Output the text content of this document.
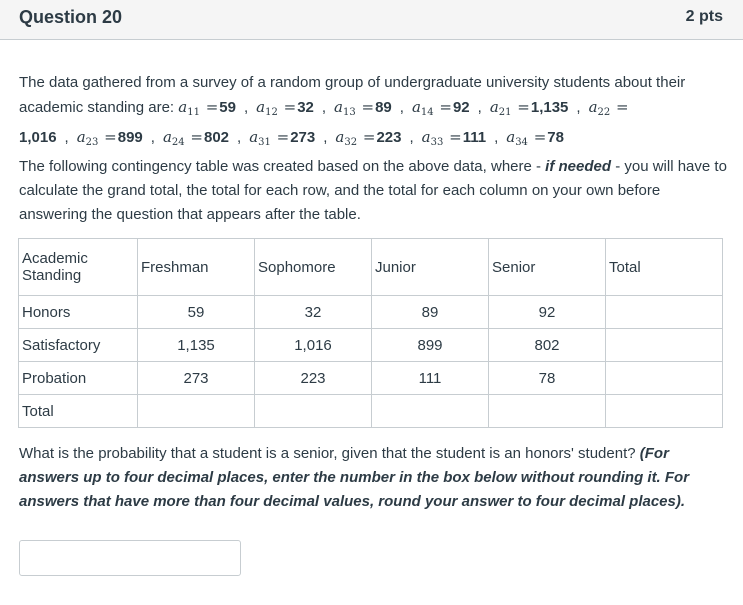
Question 20	2 pts
The data gathered from a survey of a random group of undergraduate university students about their
academic standing are: $a_{11} =59$ , $a_{12} =32$ , $a_{13} =89$ , $a_{14} =92$ , $a_{21} =1,135$ , $a_{22}$ =
1,016 , $a_{23} =899$ , $a_{24} =802$ , $a_{31} =273$ , $a_{32} =223$ , $a_{33} =111$ , $a_{34} =78$
The following contingency table was created based on the above data, where - if needed - you will have to calculate the grand total, the total for each row, and the total for each column on your own before answering the question that appears after the table.
Academic Standing	Freshman	Sophomore	Junior	Senior	Total
Honors	59	32	89	92	
Satisfactory	1,135	1,016	899	802	
Probation	273	223	111	78	
Total					
What is the probability that a student is a senior, given that the student is an honors' student? (For answers up to four decimal places, enter the number in the box below without rounding it. For answers that have more than four decimal values, round your answer to four decimal places).
